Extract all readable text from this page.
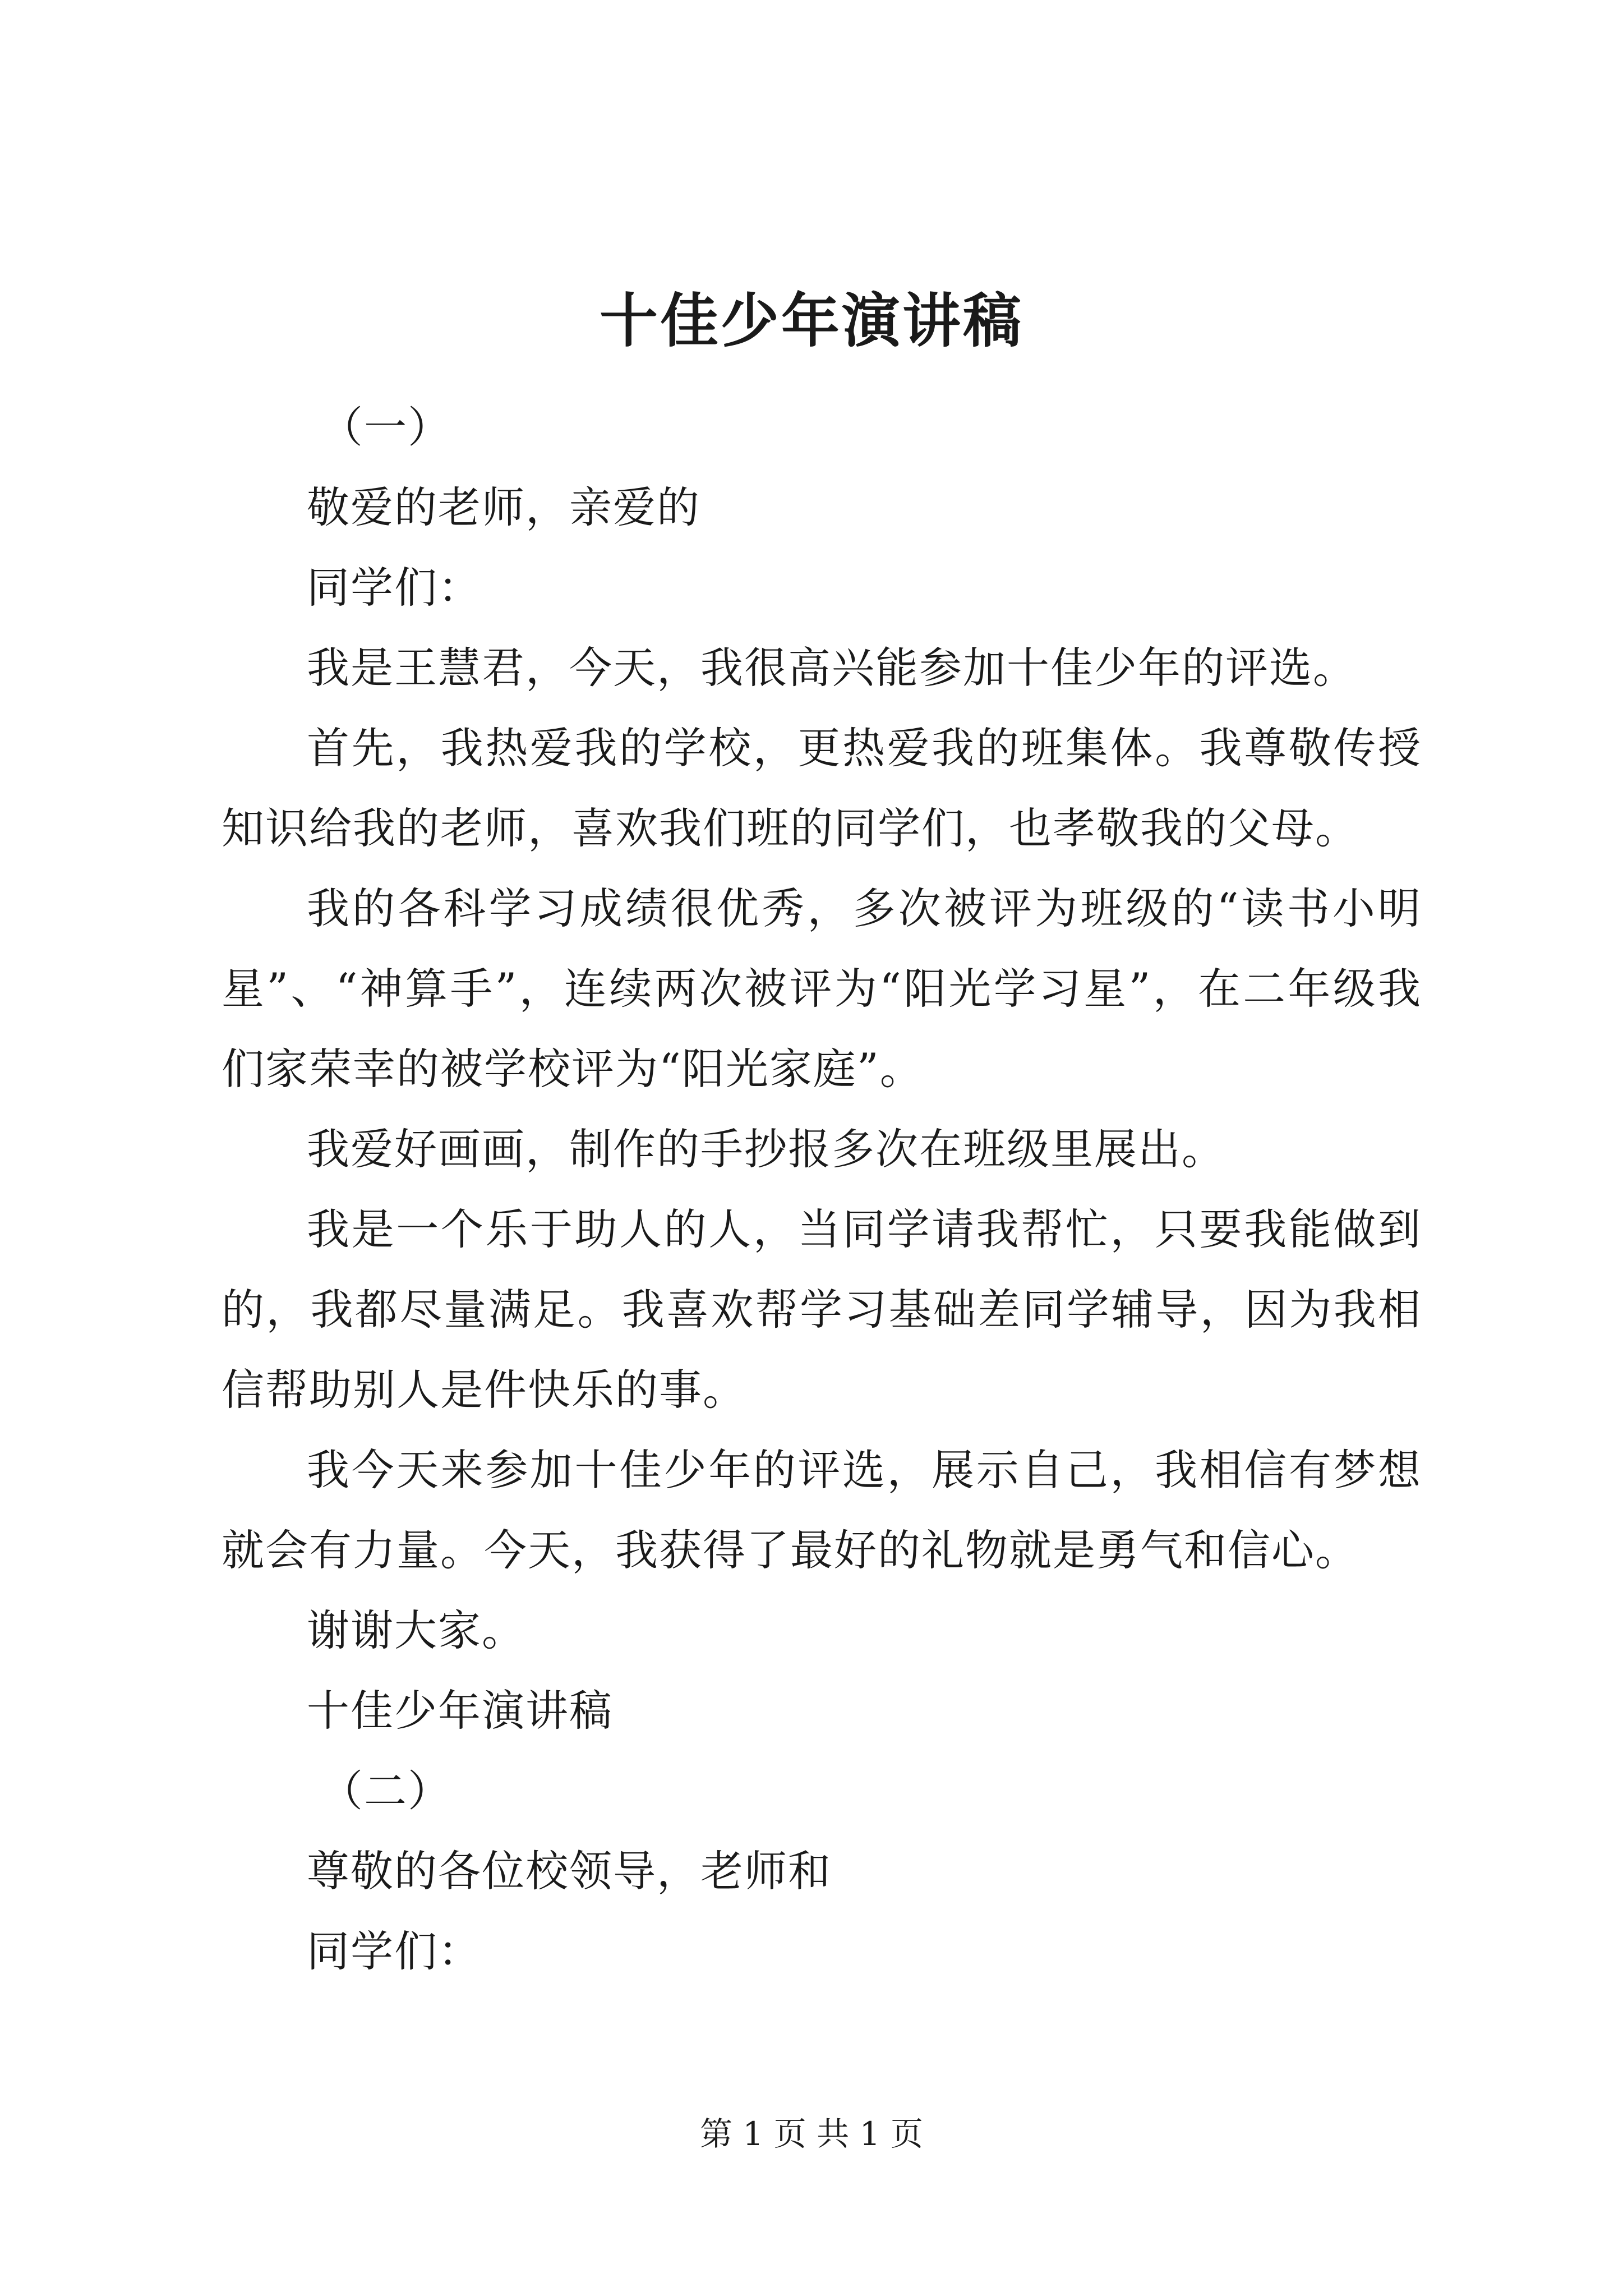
十佳少年演讲稿

（一）

敬爱的老师，亲爱的

同学们：

我是王慧君，今天，我很高兴能参加十佳少年的评选。

首先，我热爱我的学校，更热爱我的班集体。我尊敬传授知识给我的老师，喜欢我们班的同学们，也孝敬我的父母。

我的各科学习成绩很优秀，多次被评为班级的“读书小明星”、“神算手”，连续两次被评为“阳光学习星”，在二年级我们家荣幸的被学校评为“阳光家庭”。

我爱好画画，制作的手抄报多次在班级里展出。

我是一个乐于助人的人，当同学请我帮忙，只要我能做到的，我都尽量满足。我喜欢帮学习基础差同学辅导，因为我相信帮助别人是件快乐的事。

我今天来参加十佳少年的评选，展示自己，我相信有梦想就会有力量。今天，我获得了最好的礼物就是勇气和信心。

谢谢大家。

十佳少年演讲稿

（二）

尊敬的各位校领导，老师和

同学们：

第 1 页 共 1 页
